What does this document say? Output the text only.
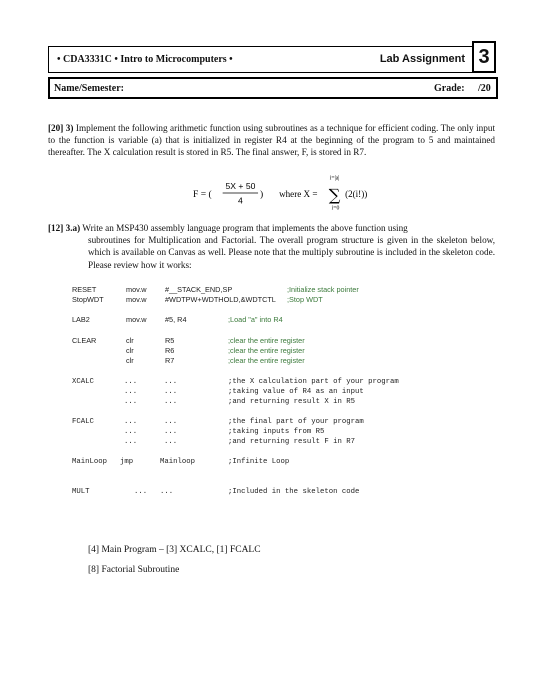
• CDA3331C • Intro to Microcomputers •	Lab Assignment 3
Name/Semester:	Grade: /20
[20] 3) Implement the following arithmetic function using subroutines as a technique for efficient coding. The only input to the function is variable (a) that is initialized in register R4 at the beginning of the program to 5 and maintained thereafter. The X calculation result is stored in R5. The final answer, F, is stored in R7.
F = (
5X + 50
4
) where X =
i=|a|
∑
i=0
(2(i!))
[12] 3.a) Write an MSP430 assembly language program that implements the above function using
subroutines for Multiplication and Factorial. The overall program structure is given in the skeleton below, which is available on Canvas as well. Please note that the multiply subroutine is included in the skeleton code. Please review how it works:
RESET	mov.w	#__STACK_END,SP	;Initialize stack pointer
StopWDT	mov.w	#WDTPW+WDTHOLD,&WDTCTL ;Stop WDT
LAB2	mov.w	#5, R4	;Load "a" into R4
CLEAR	clr	R5	;clear the entire register
clr	R6	;clear the entire register
clr	R7	;clear the entire register
XCALC	...	...	;the X calculation part of your program
...	...	;taking value of R4 as an input
...	...	;and returning result X in R5
FCALC	...	...	;the final part of your program
...	...	;taking inputs from R5
...	...	;and returning result F in R7
MainLoop jmp	Mainloop	;Infinite Loop
MULT	... ...	;Included in the skeleton code
[4] Main Program – [3] XCALC, [1] FCALC
[8] Factorial Subroutine
